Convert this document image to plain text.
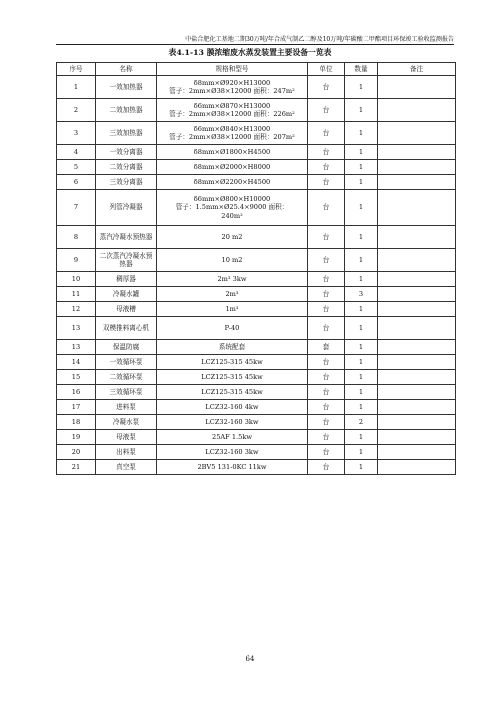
中盐合肥化工基地二期30万吨/年合成气制乙二醇及10万吨/年碳酸二甲酯项目环保竣工验收监测报告
表4.1-13 膜浓缩废水蒸发装置主要设备一览表
序号	名称	规格和型号	单位	数量	备注
1	一效加热器	δ8mm×Ø920×H13000
管子：2mm×Ø38×12000 面积：247m²	台	1	
2	二效加热器	δ6mm×Ø870×H13000
管子：2mm×Ø38×12000 面积：226m²	台	1	
3	三效加热器	δ6mm×Ø840×H13000
管子：2mm×Ø38×12000 面积：207m²	台	1	
4	一效分离器	δ8mm×Ø1800×H4500	台	1	
5	二效分离器	δ8mm×Ø2000×H8000	台	1	
6	三效分离器	δ8mm×Ø2200×H4500	台	1	
7	列管冷凝器	δ6mm×Ø800×H10000
管子：1.5mm×Ø25.4×9000 面积：
240m²	台	1	
8	蒸汽冷凝水预热器	20 m2	台	1	
9	二次蒸汽冷凝水预热器	10 m2	台	1	
10	稠厚器	2m³ 3kw	台	1	
11	冷凝水罐	2m³	台	3	
12	母液槽	1m³	台	1	
13	双模推料离心机	P-40	台	1	
13	保温防腐	系统配套	套	1	
14	一效循环泵	LCZ125-315 45kw	台	1	
15	二效循环泵	LCZ125-315 45kw	台	1	
16	三效循环泵	LCZ125-315 45kw	台	1	
17	进料泵	LCZ32-160 4kw	台	1	
18	冷凝水泵	LCZ32-160 3kw	台	2	
19	母液泵	25AF 1.5kw	台	1	
20	出料泵	LCZ32-160 3kw	台	1	
21	真空泵	2BV5 131-0KC 11kw	台	1	
64
